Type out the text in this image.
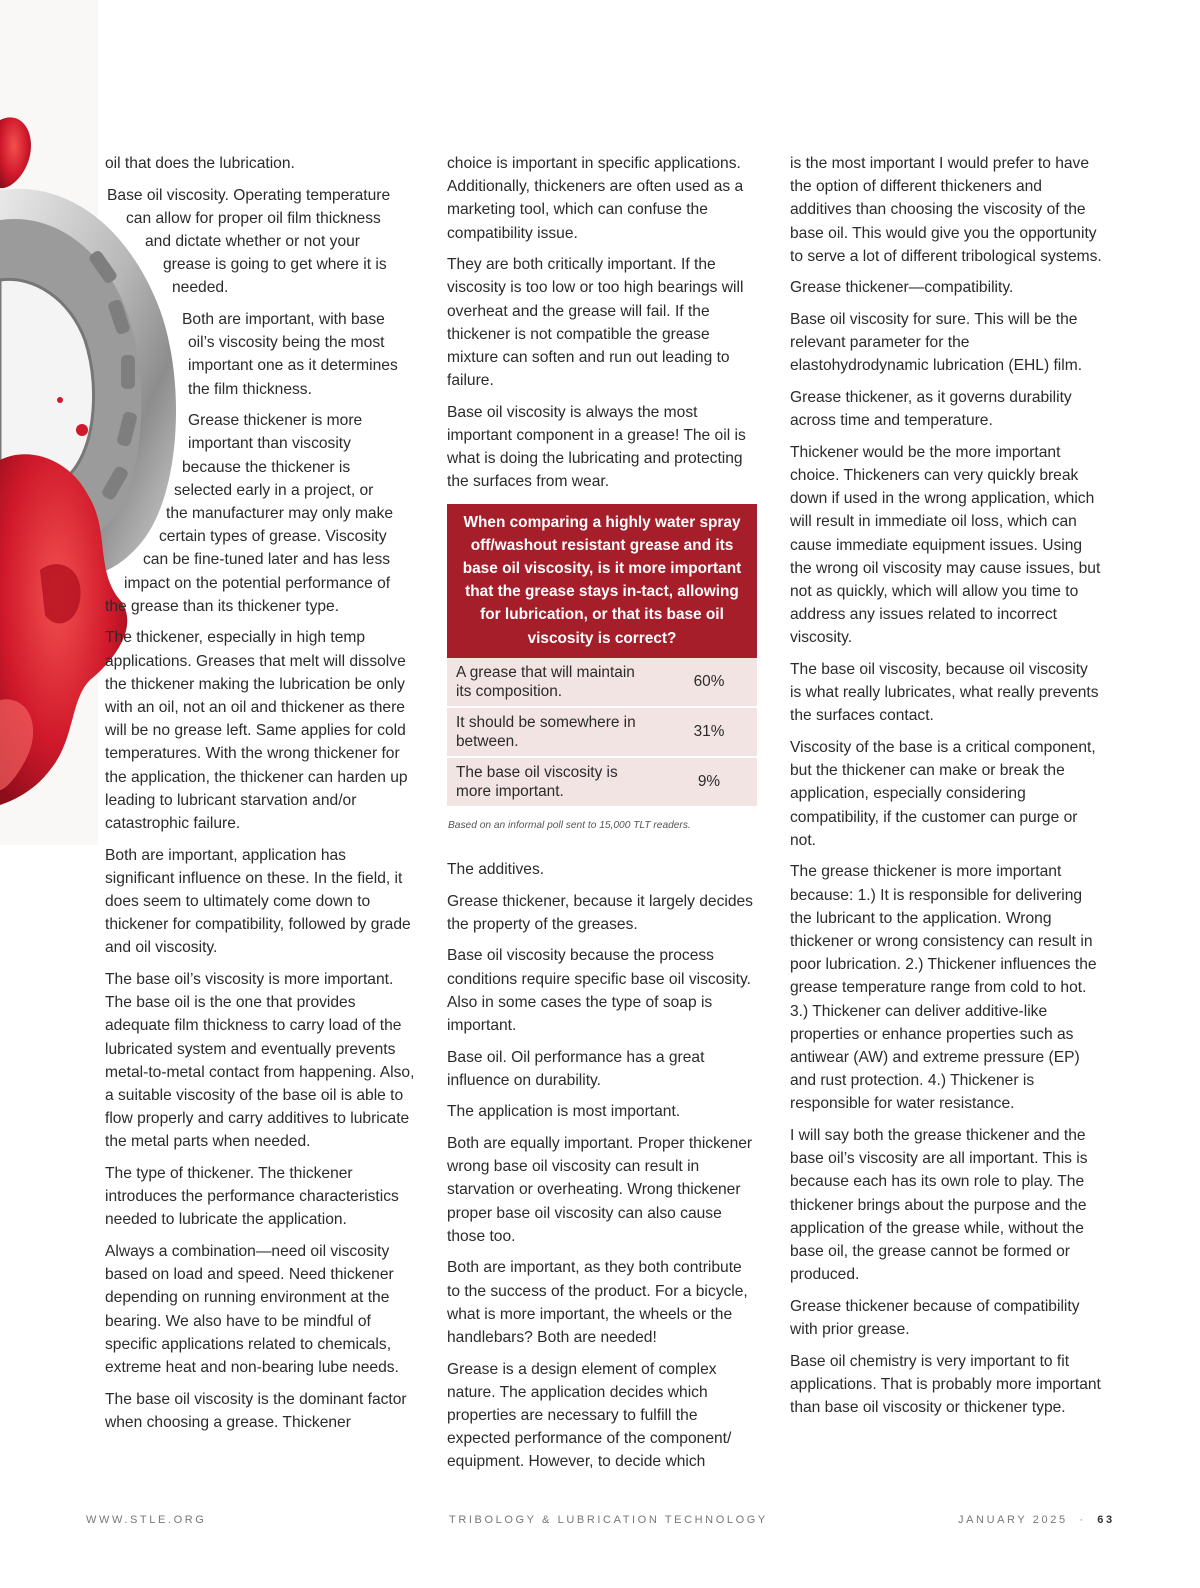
oil that does the lubrication.

Base oil viscosity. Operating temperature
can allow for proper oil film thickness
and dictate whether or not your
grease is going to get where it is
needed.

Both are important, with base
oil’s viscosity being the most
important one as it determines
the film thickness.

Grease thickener is more
important than viscosity
because the thickener is
selected early in a project, or
the manufacturer may only make
certain types of grease. Viscosity
can be fine-tuned later and has less
impact on the potential performance of
the grease than its thickener type.

The thickener, especially in high temp applications. Greases that melt will dissolve the thickener making the lubrication be only with an oil, not an oil and thickener as there will be no grease left. Same applies for cold temperatures. With the wrong thickener for the application, the thickener can harden up leading to lubricant starvation and/or catastrophic failure.

Both are important, application has significant influence on these. In the field, it does seem to ultimately come down to thickener for compatibility, followed by grade and oil viscosity.

The base oil’s viscosity is more important. The base oil is the one that provides adequate film thickness to carry load of the lubricated system and eventually prevents metal-to-metal contact from happening. Also, a suitable viscosity of the base oil is able to flow properly and carry additives to lubricate the metal parts when needed.

The type of thickener. The thickener introduces the performance characteristics needed to lubricate the application.

Always a combination—need oil viscosity based on load and speed. Need thickener depending on running environment at the bearing. We also have to be mindful of specific applications related to chemicals, extreme heat and non-bearing lube needs.

The base oil viscosity is the dominant factor when choosing a grease. Thickener

choice is important in specific applications. Additionally, thickeners are often used as a marketing tool, which can confuse the compatibility issue.

They are both critically important. If the viscosity is too low or too high bearings will overheat and the grease will fail. If the thickener is not compatible the grease mixture can soften and run out leading to failure.

Base oil viscosity is always the most important component in a grease! The oil is what is doing the lubricating and protecting the surfaces from wear.

When comparing a highly water spray off/washout resistant grease and its base oil viscosity, is it more important that the grease stays in-tact, allowing for lubrication, or that its base oil viscosity is correct?
A grease that will maintain its composition.
60%
It should be somewhere in between.
31%
The base oil viscosity is more important.
9%
Based on an informal poll sent to 15,000 TLT readers.

The additives.

Grease thickener, because it largely decides the property of the greases.

Base oil viscosity because the process conditions require specific base oil viscosity. Also in some cases the type of soap is important.

Base oil. Oil performance has a great influence on durability.

The application is most important.

Both are equally important. Proper thickener wrong base oil viscosity can result in starvation or overheating. Wrong thickener proper base oil viscosity can also cause those too.

Both are important, as they both contribute to the success of the product. For a bicycle, what is more important, the wheels or the handlebars? Both are needed!

Grease is a design element of complex nature. The application decides which properties are necessary to fulfill the expected performance of the component/ equipment. However, to decide which

is the most important I would prefer to have the option of different thickeners and additives than choosing the viscosity of the base oil. This would give you the opportunity to serve a lot of different tribological systems.

Grease thickener—compatibility.

Base oil viscosity for sure. This will be the relevant parameter for the elastohydrodynamic lubrication (EHL) film.

Grease thickener, as it governs durability across time and temperature.

Thickener would be the more important choice. Thickeners can very quickly break down if used in the wrong application, which will result in immediate oil loss, which can cause immediate equipment issues. Using the wrong oil viscosity may cause issues, but not as quickly, which will allow you time to address any issues related to incorrect viscosity.

The base oil viscosity, because oil viscosity is what really lubricates, what really prevents the surfaces contact.

Viscosity of the base is a critical component, but the thickener can make or break the application, especially considering compatibility, if the customer can purge or not.

The grease thickener is more important because: 1.) It is responsible for delivering the lubricant to the application. Wrong thickener or wrong consistency can result in poor lubrication. 2.) Thickener influences the grease temperature range from cold to hot. 3.) Thickener can deliver additive-like properties or enhance properties such as antiwear (AW) and extreme pressure (EP) and rust protection. 4.) Thickener is responsible for water resistance.

I will say both the grease thickener and the base oil’s viscosity are all important. This is because each has its own role to play. The thickener brings about the purpose and the application of the grease while, without the base oil, the grease cannot be formed or produced.

Grease thickener because of compatibility with prior grease.

Base oil chemistry is very important to fit applications. That is probably more important than base oil viscosity or thickener type.

WWW.STLE.ORG	TRIBOLOGY & LUBRICATION TECHNOLOGY	JANUARY 2025 · 63
